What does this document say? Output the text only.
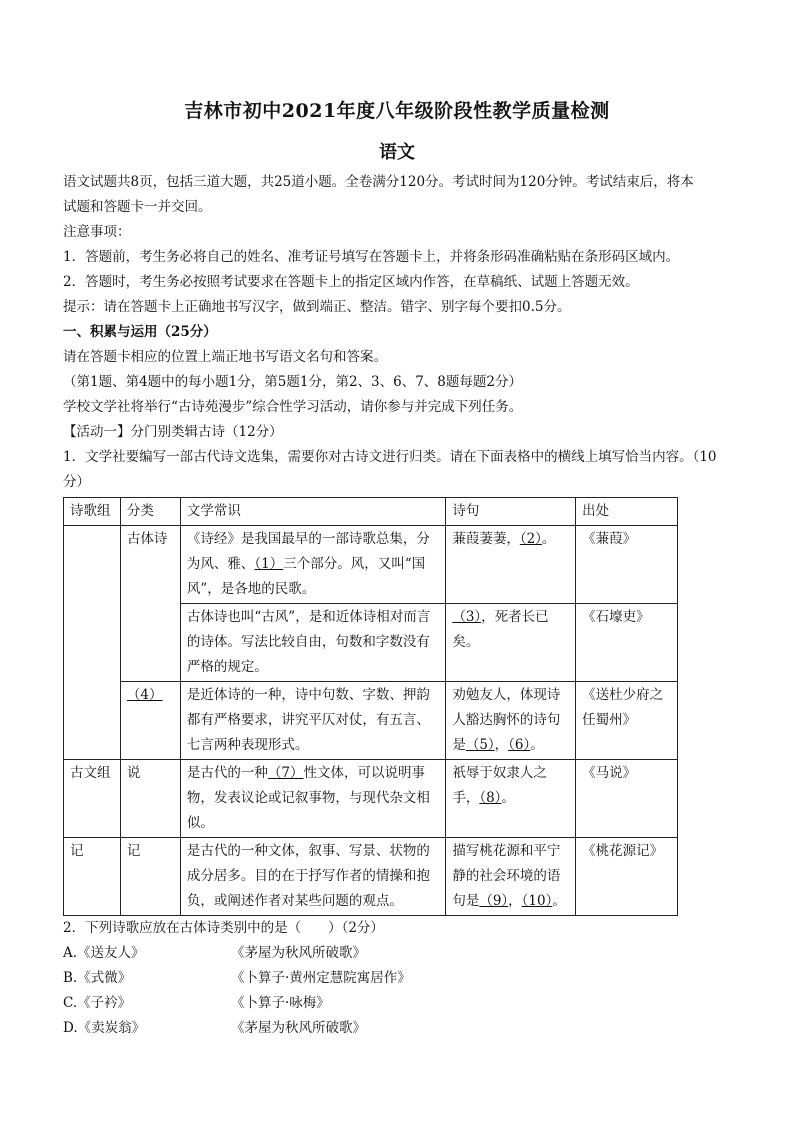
吉林市初中2021年度八年级阶段性教学质量检测
语文
语文试题共8页，包括三道大题，共25道小题。全卷满分120分。考试时间为120分钟。考试结束后，将本
试题和答题卡一并交回。
注意事项：
1．答题前，考生务必将自己的姓名、准考证号填写在答题卡上，并将条形码准确粘贴在条形码区域内。
2．答题时，考生务必按照考试要求在答题卡上的指定区域内作答，在草稿纸、试题上答题无效。
提示：请在答题卡上正确地书写汉字，做到端正、整洁。错字、别字每个要扣0.5分。
一、积累与运用（25分）
请在答题卡相应的位置上端正地书写语文名句和答案。
（第1题、第4题中的每小题1分，第5题1分，第2、3、6、7、8题每题2分）
学校文学社将举行“古诗苑漫步”综合性学习活动，请你参与并完成下列任务。
【活动一】分门别类辑古诗（12分）
1．文学社要编写一部古代诗文选集，需要你对古诗文进行归类。请在下面表格中的横线上填写恰当内容。（10
分）
诗歌组	分类	文学常识	诗句	出处
	古体诗	《诗经》是我国最早的一部诗歌总集，分为风、雅、（1）三个部分。风，又叫“国风”，是各地的民歌。	蒹葭萋萋，（2）。	《蒹葭》
		古体诗也叫“古风”，是和近体诗相对而言的诗体。写法比较自由，句数和字数没有严格的规定。	（3），死者长已矣。	《石壕吏》
	（4）	是近体诗的一种，诗中句数、字数、押韵都有严格要求，讲究平仄对仗，有五言、七言两种表现形式。	劝勉友人，体现诗人豁达胸怀的诗句是（5），（6）。	《送杜少府之任蜀州》
古文组	说	是古代的一种（7）性文体，可以说明事物，发表议论或记叙事物，与现代杂文相似。	祇辱于奴隶人之手，（8）。	《马说》
记	记	是古代的一种文体，叙事、写景、状物的成分居多。目的在于抒写作者的情操和抱负，或阐述作者对某些问题的观点。	描写桃花源和平宁静的社会环境的语句是（9），（10）。	《桃花源记》
2．下列诗歌应放在古体诗类别中的是（　　）（2分）
A.《送友人》	《茅屋为秋风所破歌》
B.《式微》	《卜算子·黄州定慧院寓居作》
C.《子衿》	《卜算子·咏梅》
D.《卖炭翁》	《茅屋为秋风所破歌》
